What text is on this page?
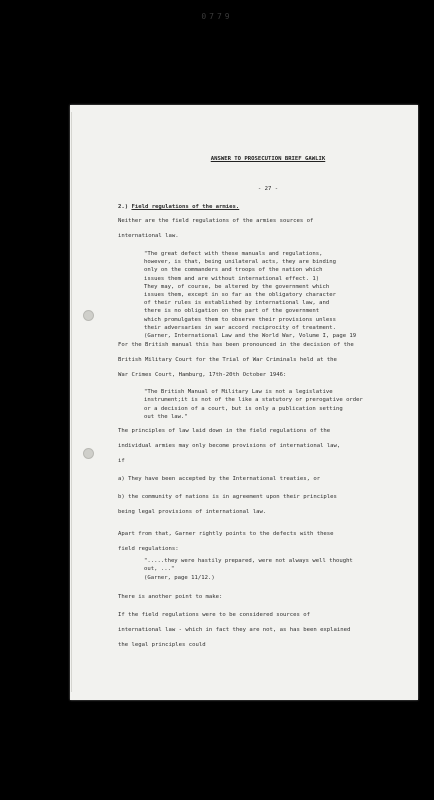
0779
ANSWER TO PROSECUTION BRIEF GAWLIK
- 27 -
2.) Field regulations of the armies.
Neither are the field regulations of the armies sources of
international law.
"The great defect with these manuals and regulations,
however, is that, being unilateral acts, they are binding
only on the commanders and troops of the nation which
issues them and are without international effect. 1)
They may, of course, be altered by the government which
issues them, except in so far as the obligatory character
of their rules is established by international law, and
there is no obligation on the part of the government
which promulgates them to observe their provisions unless
their adversaries in war accord reciprocity of treatment.
(Garner, International Law and the World War, Volume I, page 19
For the British manual this has been pronounced in the decision of the
British Military Court for the Trial of War Criminals held at the
War Crimes Court, Hamburg, 17th-20th October 1946:
"The British Manual of Military Law is not a legislative
instrument;it is not of the like a statutory or prerogative order
or a decision of a court, but is only a publication setting
out the law."
The principles of law laid down in the field regulations of the
individual armies may only become provisions of international law,
if
a) They have been accepted by the International treaties, or
b) the community of nations is in agreement upon their principles
being legal provisions of international law.
Apart from that, Garner rightly points to the defects with these
field regulations:
".....they were hastily prepared, were not always well thought
out, ..."
(Garner, page 11/12.)
There is another point to make:
If the field regulations were to be considered sources of
international law - which in fact they are not, as has been explained
the legal principles could
